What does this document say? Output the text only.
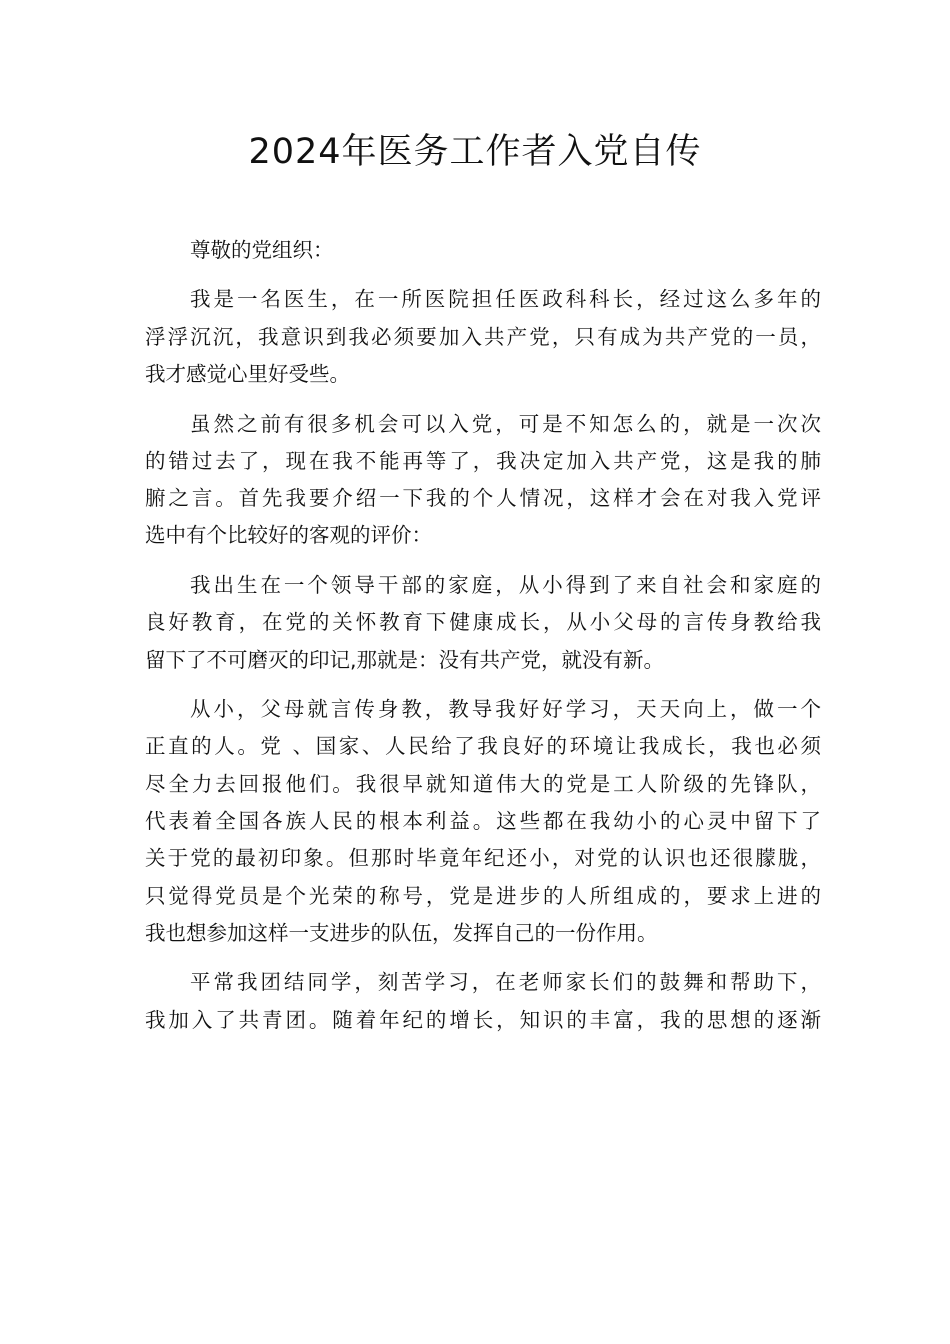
2024年医务工作者入党自传
尊敬的党组织：
我是一名医生，在一所医院担任医政科科长，经过这么多年的
浮浮沉沉，我意识到我必须要加入共产党，只有成为共产党的一员，
我才感觉心里好受些。
虽然之前有很多机会可以入党，可是不知怎么的，就是一次次
的错过去了，现在我不能再等了，我决定加入共产党，这是我的肺
腑之言。首先我要介绍一下我的个人情况，这样才会在对我入党评
选中有个比较好的客观的评价：
我出生在一个领导干部的家庭，从小得到了来自社会和家庭的
良好教育，在党的关怀教育下健康成长，从小父母的言传身教给我
留下了不可磨灭的印记,那就是：没有共产党，就没有新。
从小，父母就言传身教，教导我好好学习，天天向上，做一个
正直的人。党 、国家、人民给了我良好的环境让我成长，我也必须
尽全力去回报他们。我很早就知道伟大的党是工人阶级的先锋队，
代表着全国各族人民的根本利益。这些都在我幼小的心灵中留下了
关于党的最初印象。但那时毕竟年纪还小，对党的认识也还很朦胧，
只觉得党员是个光荣的称号，党是进步的人所组成的，要求上进的
我也想参加这样一支进步的队伍，发挥自己的一份作用。
平常我团结同学，刻苦学习，在老师家长们的鼓舞和帮助下，
我加入了共青团。随着年纪的增长，知识的丰富，我的思想的逐渐
